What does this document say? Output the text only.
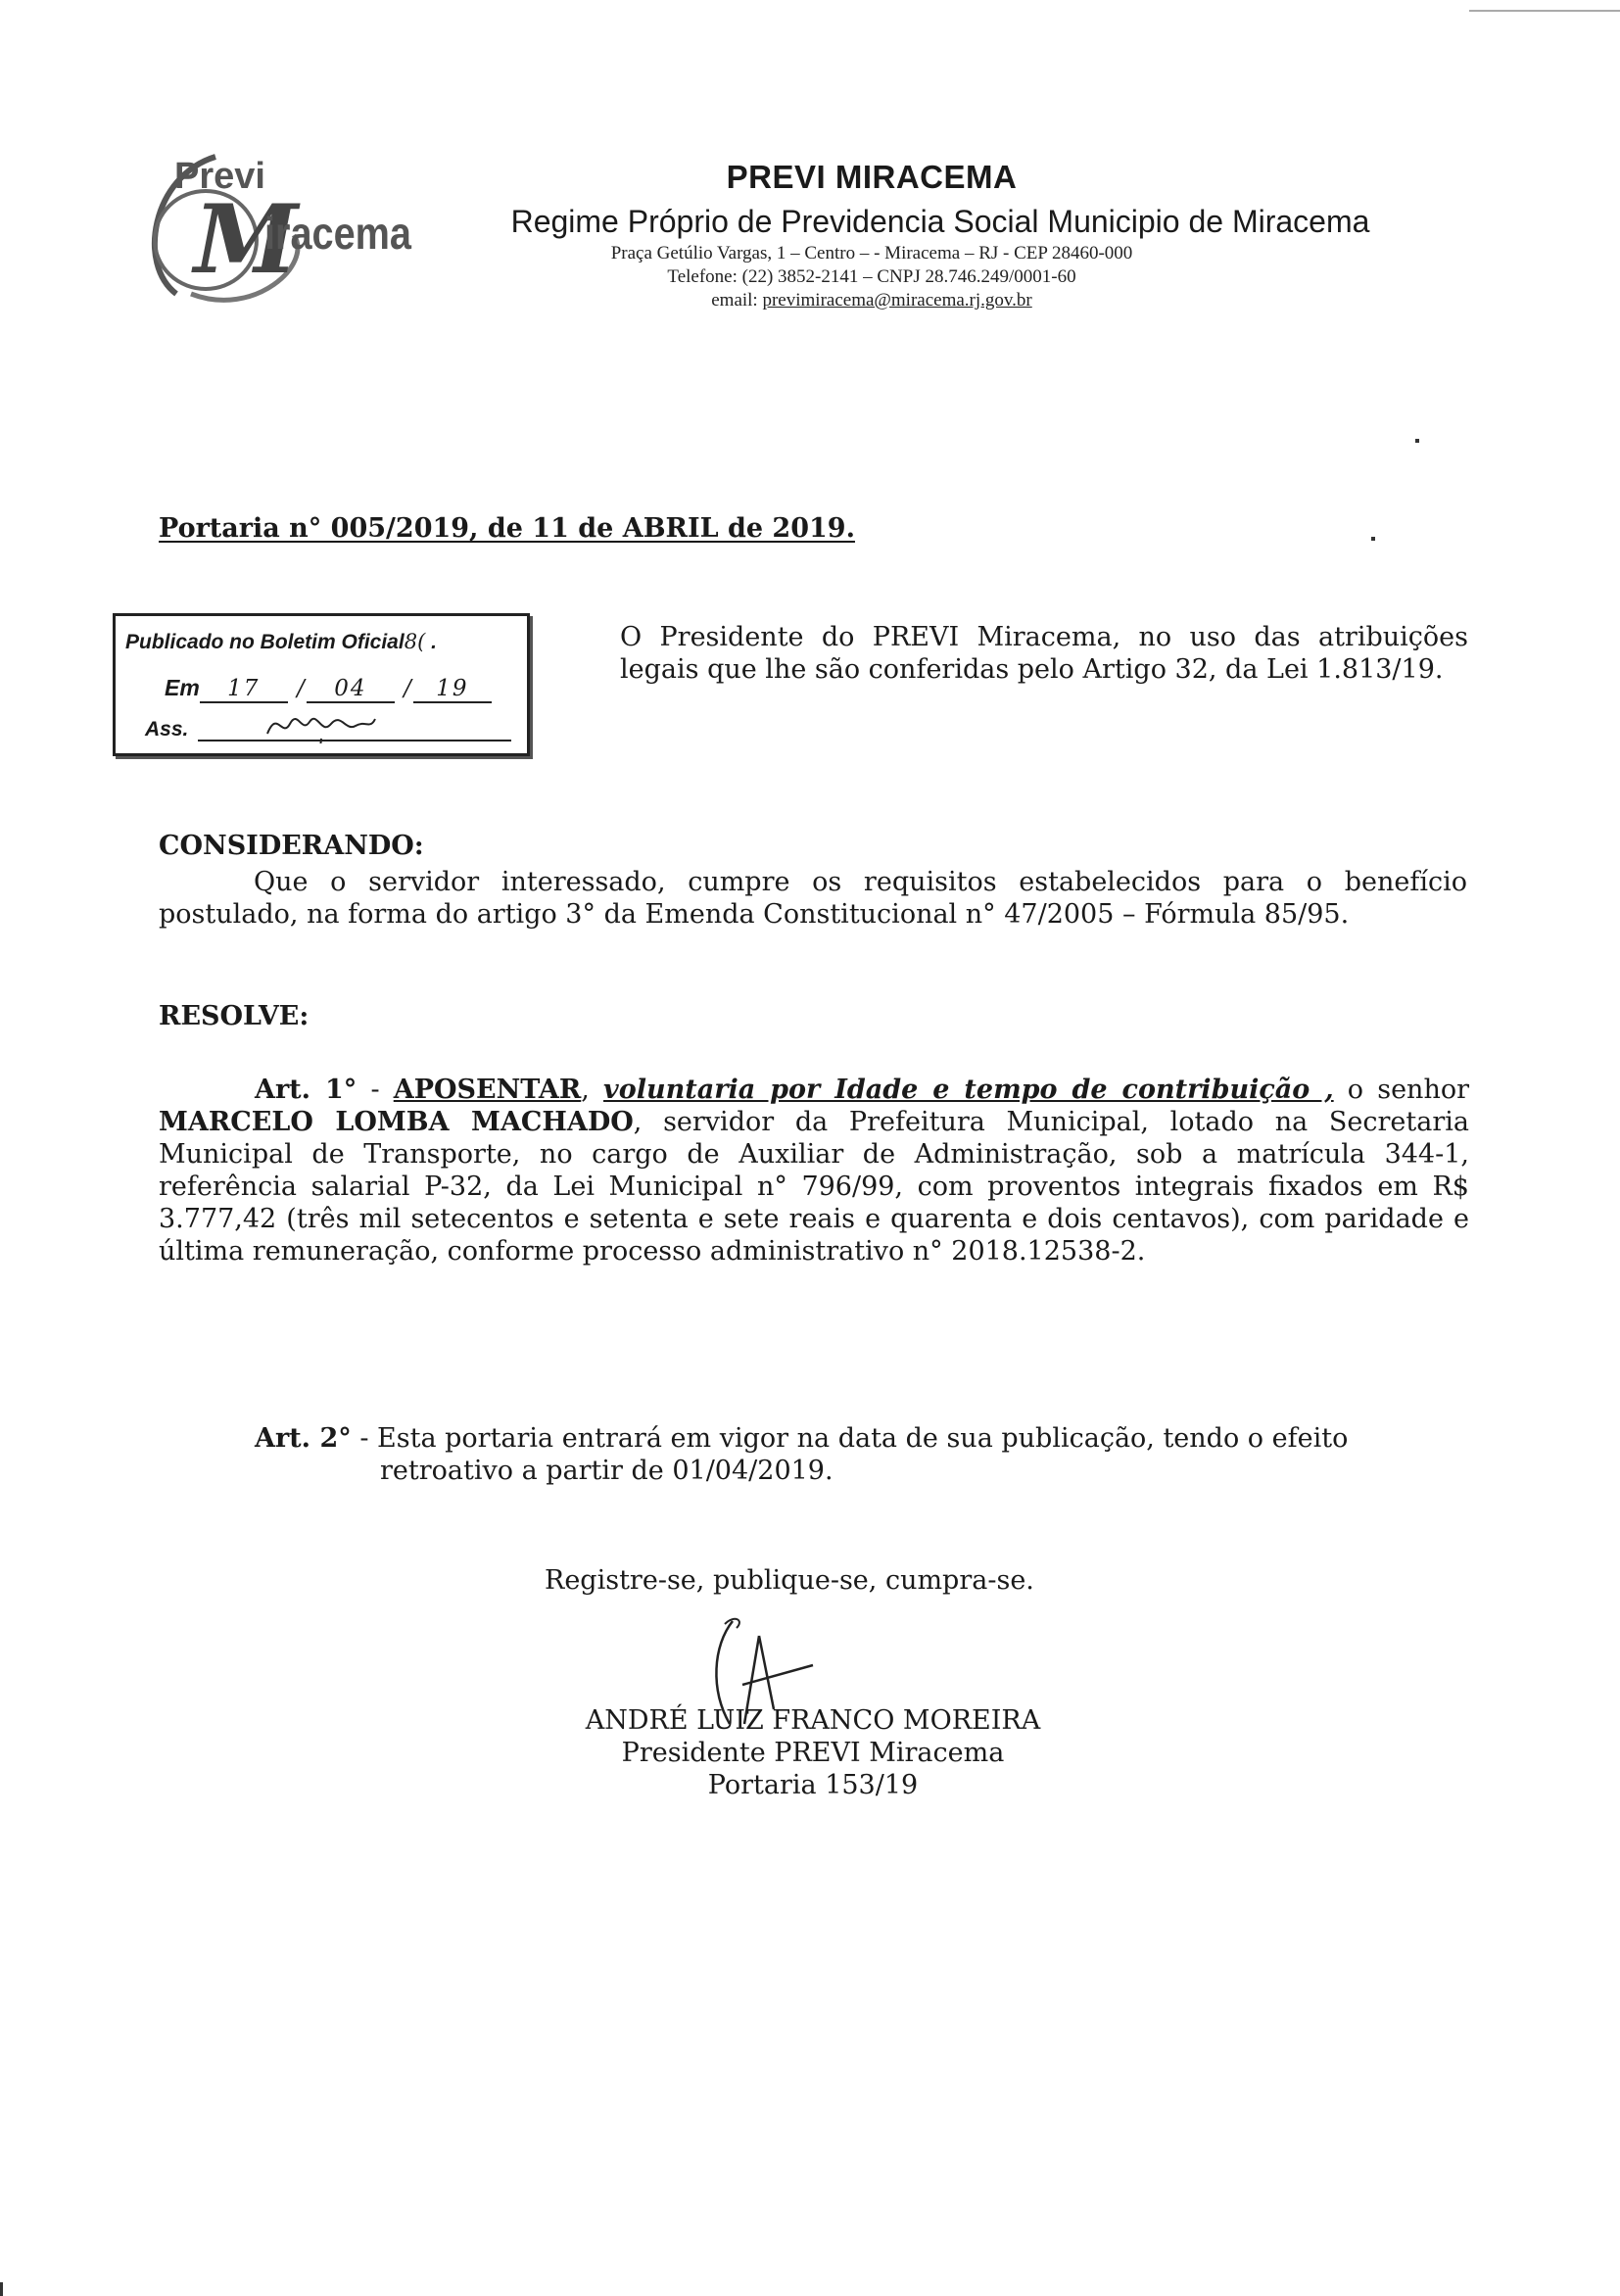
M
Previ
iracema
PREVI MIRACEMA
Regime Próprio de Previdencia Social Municipio de Miracema
Praça Getúlio Vargas, 1 – Centro – - Miracema – RJ - CEP 28460-000
Telefone: (22) 3852-2141 – CNPJ 28.746.249/0001-60
email: previmiracema@miracema.rj.gov.br
Portaria n° 005/2019, de 11 de ABRIL de 2019.
Publicado no Boletim Oficial8( .
Em 17 / 04 / 19
Ass.
O Presidente do PREVI Miracema, no uso das atribuições legais que lhe são conferidas pelo Artigo 32, da Lei 1.813/19.
CONSIDERANDO:
Que o servidor interessado, cumpre os requisitos estabelecidos para o benefício postulado, na forma do artigo 3° da Emenda Constitucional n° 47/2005 – Fórmula 85/95.
RESOLVE:
Art. 1° - APOSENTAR, voluntaria por Idade e tempo de contribuição , o senhor MARCELO LOMBA MACHADO, servidor da Prefeitura Municipal, lotado na Secretaria Municipal de Transporte, no cargo de Auxiliar de Administração, sob a matrícula 344-1, referência salarial P-32, da Lei Municipal n° 796/99, com proventos integrais fixados em R$ 3.777,42 (três mil setecentos e setenta e sete reais e quarenta e dois centavos), com paridade e última remuneração, conforme processo administrativo n° 2018.12538-2.
Art. 2° - Esta portaria entrará em vigor na data de sua publicação, tendo o efeito
retroativo a partir de 01/04/2019.
Registre-se, publique-se, cumpra-se.
ANDRÉ LUIZ FRANCO MOREIRA
Presidente PREVI Miracema
Portaria 153/19
